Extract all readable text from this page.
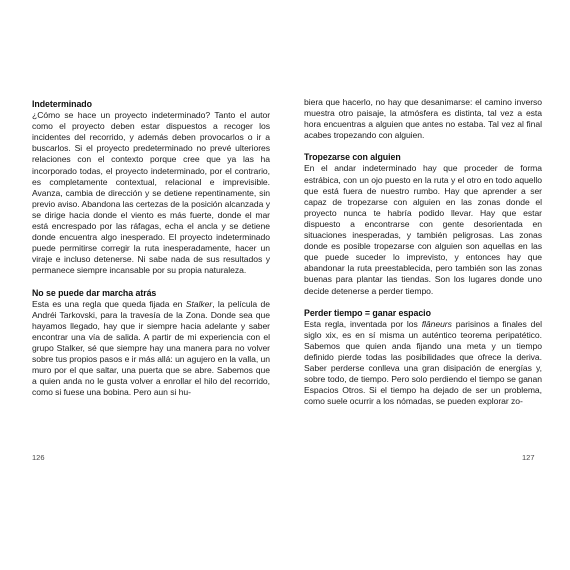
Indeterminado

¿Cómo se hace un proyecto indeterminado? Tanto el autor como el proyecto deben estar dispuestos a recoger los incidentes del recorrido, y además deben provocarlos o ir a buscarlos. Si el proyecto predeterminado no prevé ulteriores relaciones con el contexto porque cree que ya las ha incorporado todas, el proyecto indeterminado, por el contrario, es completamente contextual, relacional e imprevisible. Avanza, cambia de dirección y se detiene repentinamente, sin previo aviso. Abandona las certezas de la posición alcanzada y se dirige hacia donde el viento es más fuerte, donde el mar está encrespado por las ráfagas, echa el ancla y se detiene donde encuentra algo inesperado. El proyecto indeterminado puede permitirse corregir la ruta inesperadamente, hacer un viraje e incluso detenerse. Ni sabe nada de sus resultados y permanece siempre incansable por su propia naturaleza.

No se puede dar marcha atrás

Esta es una regla que queda fijada en Stalker, la película de Andréi Tarkovski, para la travesía de la Zona. Donde sea que hayamos llegado, hay que ir siempre hacia adelante y saber encontrar una vía de salida. A partir de mi experiencia con el grupo Stalker, sé que siempre hay una manera para no volver sobre tus propios pasos e ir más allá: un agujero en la valla, un muro por el que saltar, una puerta que se abre. Sabemos que a quien anda no le gusta volver a enrollar el hilo del recorrido, como si fuese una bobina. Pero aun si hu-

126

biera que hacerlo, no hay que desanimarse: el camino inverso muestra otro paisaje, la atmósfera es distinta, tal vez a esta hora encuentras a alguien que antes no estaba. Tal vez al final acabes tropezando con alguien.

Tropezarse con alguien

En el andar indeterminado hay que proceder de forma estrábica, con un ojo puesto en la ruta y el otro en todo aquello que está fuera de nuestro rumbo. Hay que aprender a ser capaz de tropezarse con alguien en las zonas donde el proyecto nunca te habría podido llevar. Hay que estar dispuesto a encontrarse con gente desorientada en situaciones inesperadas, y también peligrosas. Las zonas donde es posible tropezarse con alguien son aquellas en las que puede suceder lo imprevisto, y entonces hay que abandonar la ruta preestablecida, pero también son las zonas buenas para plantar las tiendas. Son los lugares donde uno decide detenerse a perder tiempo.

Perder tiempo = ganar espacio

Esta regla, inventada por los flâneurs parisinos a finales del siglo xix, es en sí misma un auténtico teorema peripatético. Sabemos que quien anda fijando una meta y un tiempo definido pierde todas las posibilidades que ofrece la deriva. Saber perderse conlleva una gran disipación de energías y, sobre todo, de tiempo. Pero solo perdiendo el tiempo se ganan Espacios Otros. Si el tiempo ha dejado de ser un problema, como suele ocurrir a los nómadas, se pueden explorar zo-

127
